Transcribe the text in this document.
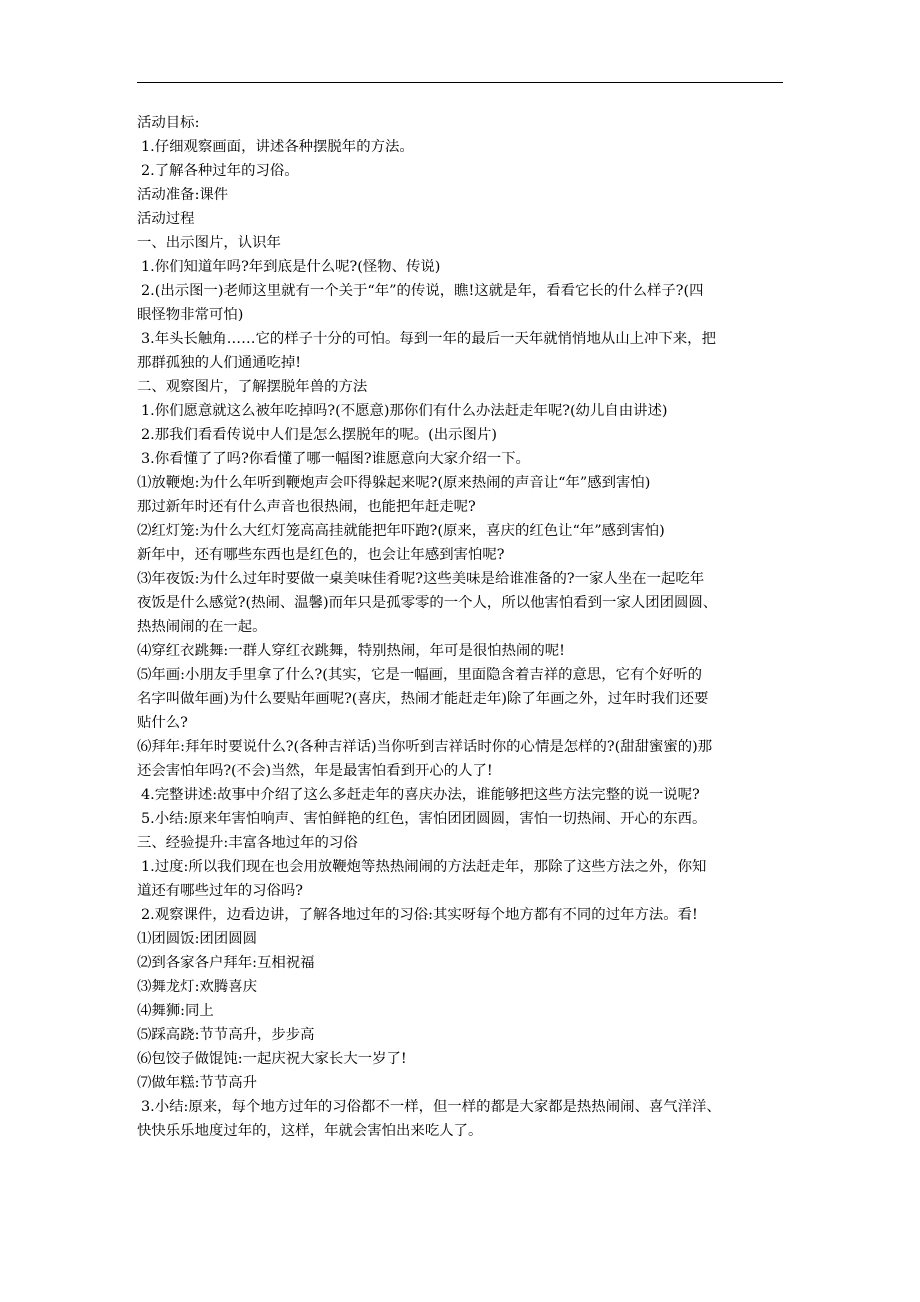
活动目标:
1.仔细观察画面，讲述各种摆脱年的方法。
2.了解各种过年的习俗。
活动准备:课件
活动过程
一、出示图片，认识年
1.你们知道年吗?年到底是什么呢?(怪物、传说)
2.(出示图一)老师这里就有一个关于“年”的传说，瞧!这就是年，看看它长的什么样子?(四
眼怪物非常可怕)
3.年头长触角……它的样子十分的可怕。每到一年的最后一天年就悄悄地从山上冲下来，把
那群孤独的人们通通吃掉!
二、观察图片，了解摆脱年兽的方法
1.你们愿意就这么被年吃掉吗?(不愿意)那你们有什么办法赶走年呢?(幼儿自由讲述)
2.那我们看看传说中人们是怎么摆脱年的呢。(出示图片)
3.你看懂了了吗?你看懂了哪一幅图?谁愿意向大家介绍一下。
⑴放鞭炮:为什么年听到鞭炮声会吓得躲起来呢?(原来热闹的声音让“年”感到害怕)
那过新年时还有什么声音也很热闹，也能把年赶走呢?
⑵红灯笼:为什么大红灯笼高高挂就能把年吓跑?(原来，喜庆的红色让“年”感到害怕)
新年中，还有哪些东西也是红色的，也会让年感到害怕呢?
⑶年夜饭:为什么过年时要做一桌美味佳肴呢?这些美味是给谁准备的?一家人坐在一起吃年
夜饭是什么感觉?(热闹、温馨)而年只是孤零零的一个人，所以他害怕看到一家人团团圆圆、
热热闹闹的在一起。
⑷穿红衣跳舞:一群人穿红衣跳舞，特别热闹，年可是很怕热闹的呢!
⑸年画:小朋友手里拿了什么?(其实，它是一幅画，里面隐含着吉祥的意思，它有个好听的
名字叫做年画)为什么要贴年画呢?(喜庆，热闹才能赶走年)除了年画之外，过年时我们还要
贴什么?
⑹拜年:拜年时要说什么?(各种吉祥话)当你听到吉祥话时你的心情是怎样的?(甜甜蜜蜜的)那
还会害怕年吗?(不会)当然，年是最害怕看到开心的人了!
4.完整讲述:故事中介绍了这么多赶走年的喜庆办法，谁能够把这些方法完整的说一说呢?
5.小结:原来年害怕响声、害怕鲜艳的红色，害怕团团圆圆，害怕一切热闹、开心的东西。
三、经验提升:丰富各地过年的习俗
1.过度:所以我们现在也会用放鞭炮等热热闹闹的方法赶走年，那除了这些方法之外，你知
道还有哪些过年的习俗吗?
2.观察课件，边看边讲，了解各地过年的习俗:其实呀每个地方都有不同的过年方法。看!
⑴团圆饭:团团圆圆
⑵到各家各户拜年:互相祝福
⑶舞龙灯:欢腾喜庆
⑷舞狮:同上
⑸踩高跷:节节高升，步步高
⑹包饺子做馄饨:一起庆祝大家长大一岁了!
⑺做年糕:节节高升
3.小结:原来，每个地方过年的习俗都不一样，但一样的都是大家都是热热闹闹、喜气洋洋、
快快乐乐地度过年的，这样，年就会害怕出来吃人了。
